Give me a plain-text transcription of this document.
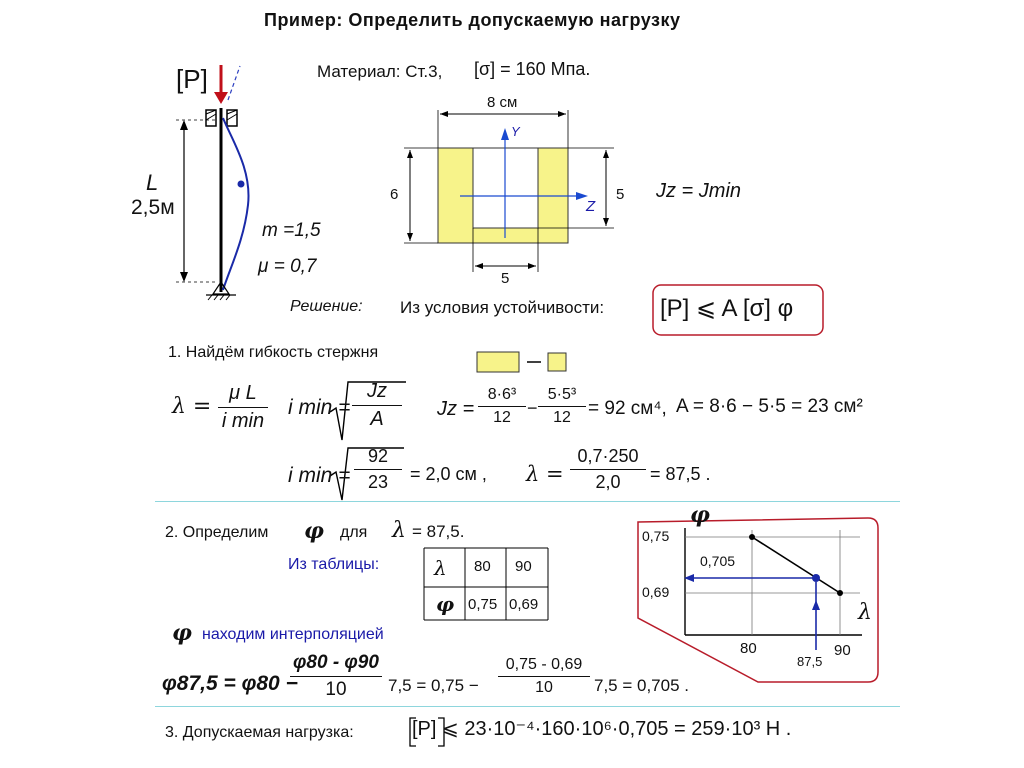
Пример: Определить допускаемую нагрузку
[P]
L
2,5м
m =1,5
μ = 0,7
Материал: Ст.3, [σ] = 160 Мпа.
8 см
Y
Z
6	5
5
Jz = Jmin
Решение: Из условия устойчивости: [P] ⩽ A [σ] φ
1. Найдём гибкость стержня
λ =
μ L
i min
i min =
Jz
A	Jz =
8·6³
12 −
5·5³
12 = 92 см⁴, A = 8·6 − 5·5 = 23 см²
i min =
92
23	= 2,0 см , λ =
0,7·250
2,0	= 87,5 .
2. Определим φ для λ = 87,5.
Из таблицы:	λ 80 90
φ 0,75 0,69
φ находим интерполяцией
φ87,5 = φ80 −
φ80 - φ90
10	7,5 = 0,75 −
0,75 - 0,69
10	7,5 = 0,705 .
φ
λ
0,75
0,69
0,705
80	90
87,5
3. Допускаемая нагрузка:	[P] ⩽ 23·10⁻⁴·160·10⁶·0,705 = 259·10³ Н .
